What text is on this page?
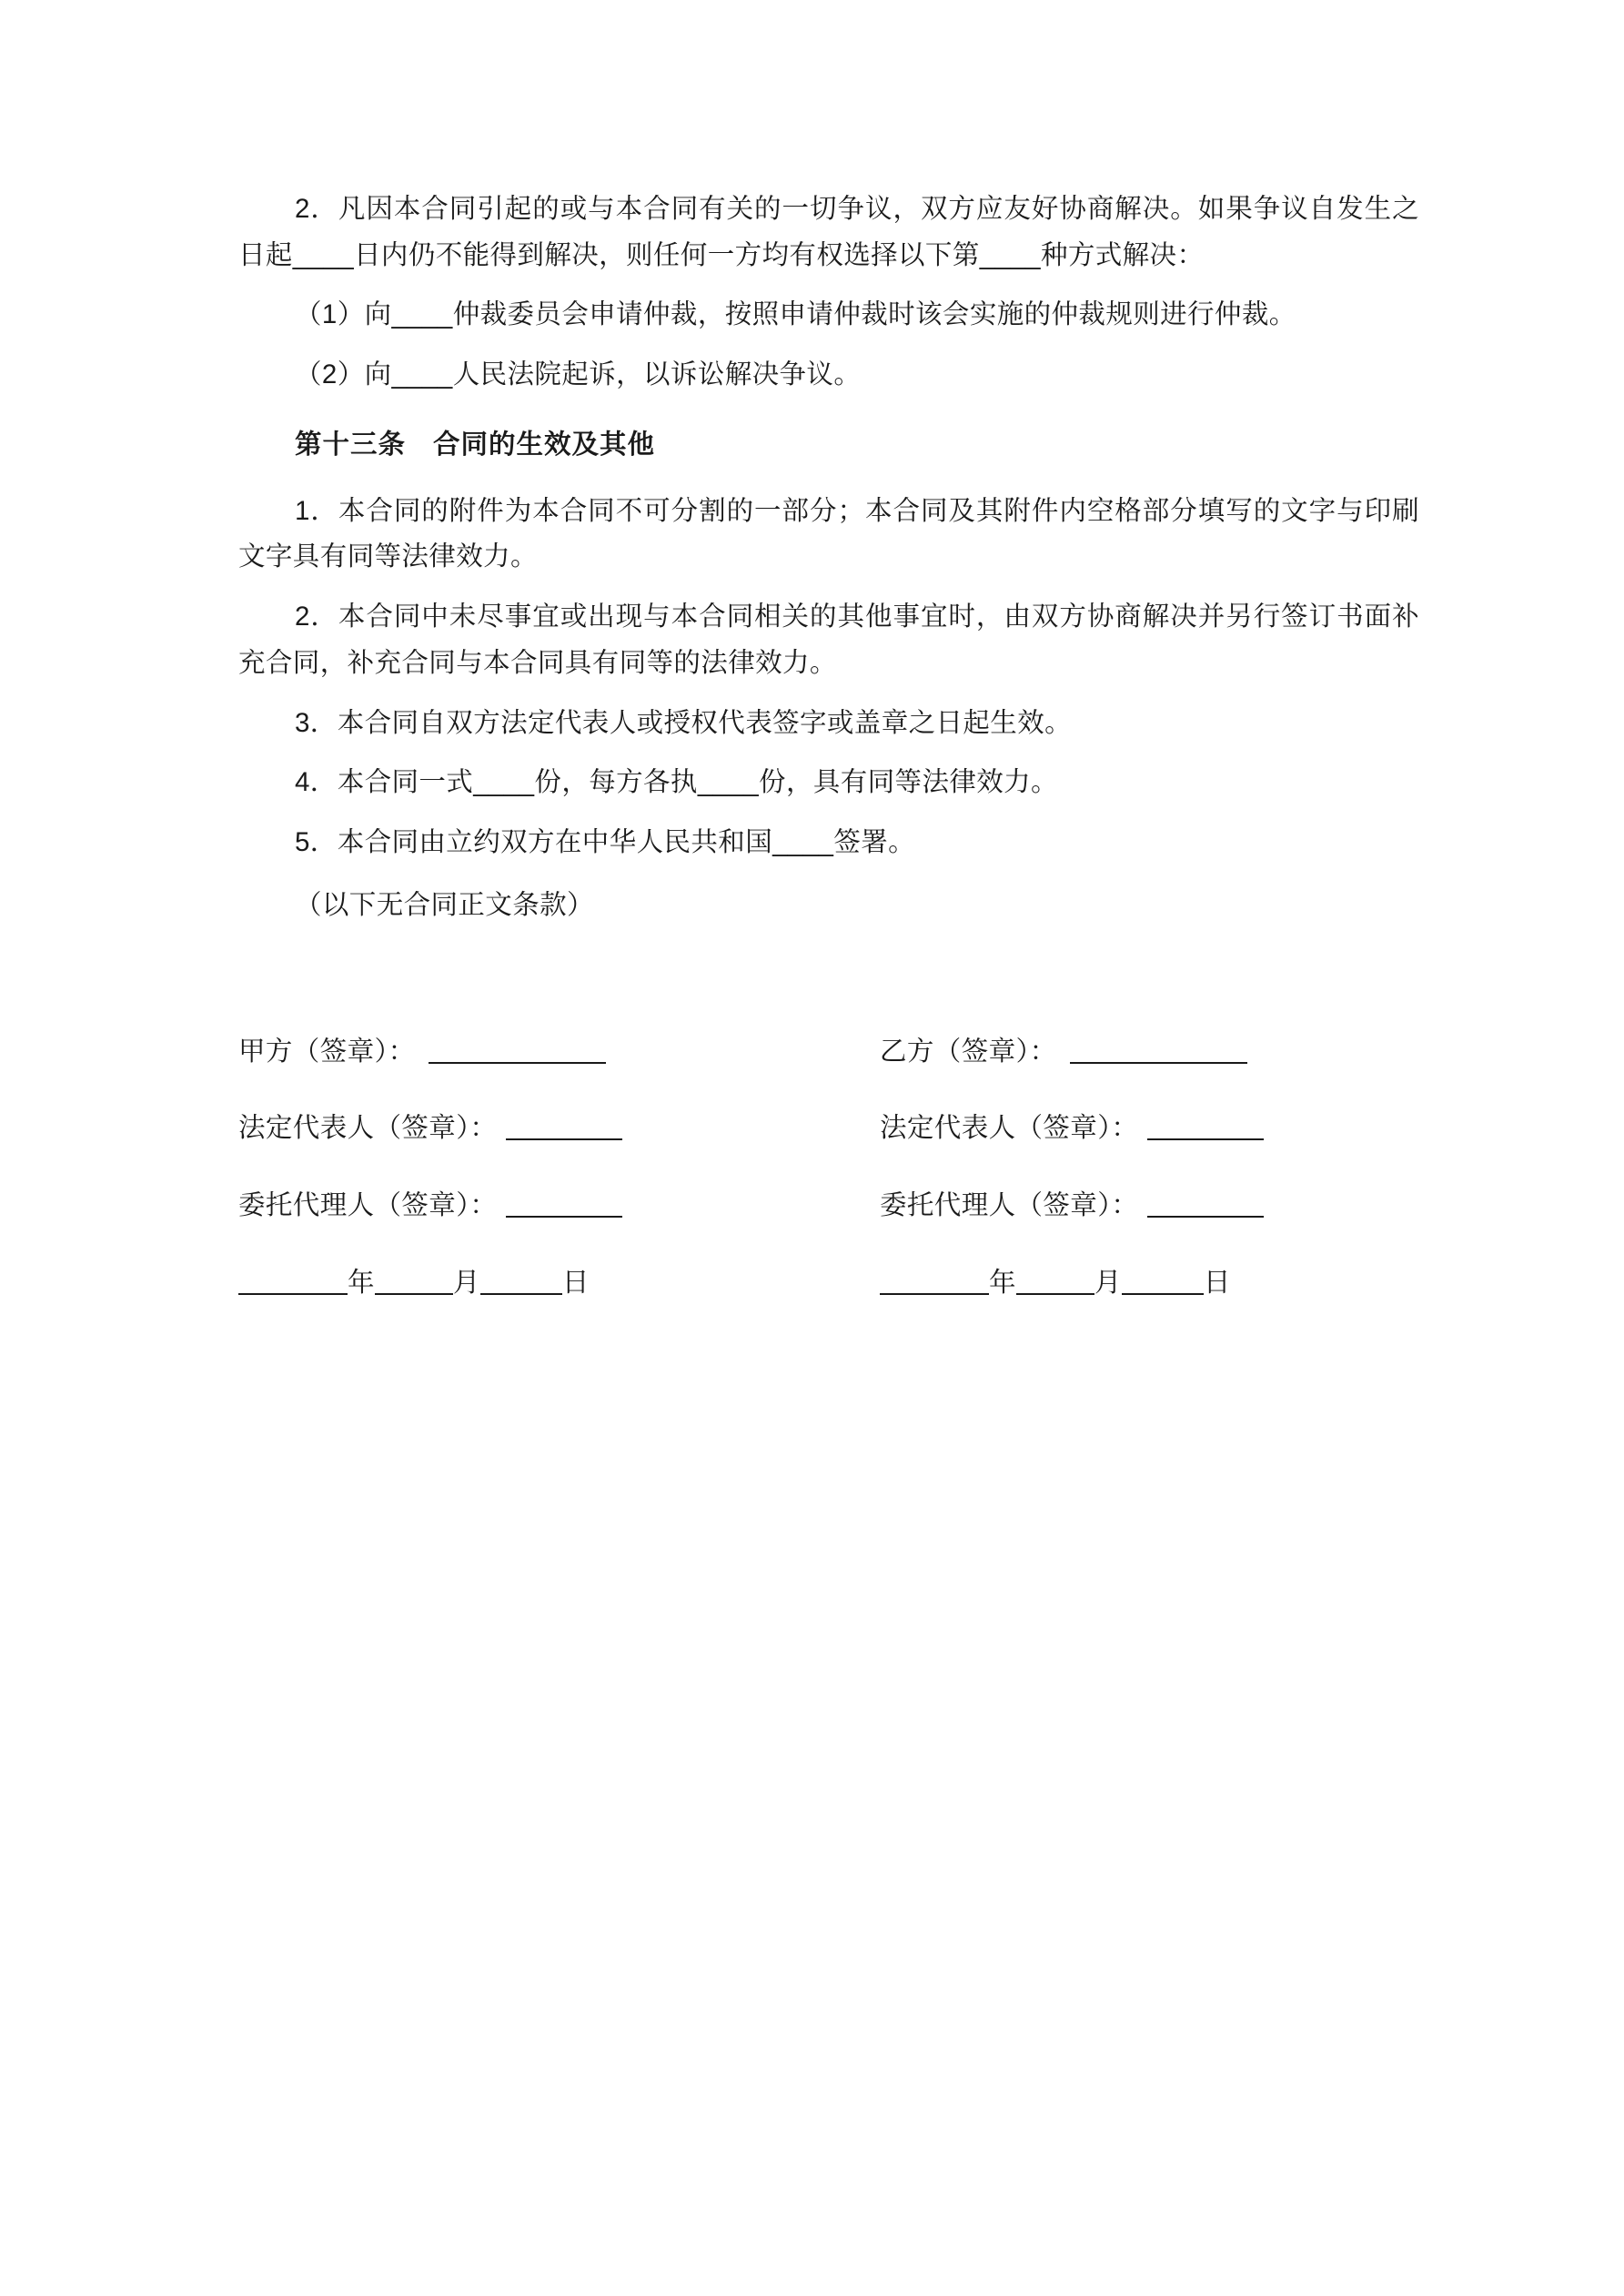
2．凡因本合同引起的或与本合同有关的一切争议，双方应友好协商解决。如果争议自发生之日起____日内仍不能得到解决，则任何一方均有权选择以下第____种方式解决：

（1）向____仲裁委员会申请仲裁，按照申请仲裁时该会实施的仲裁规则进行仲裁。

（2）向____人民法院起诉，以诉讼解决争议。

第十三条 合同的生效及其他

1．本合同的附件为本合同不可分割的一部分；本合同及其附件内空格部分填写的文字与印刷文字具有同等法律效力。

2．本合同中未尽事宜或出现与本合同相关的其他事宜时，由双方协商解决并另行签订书面补充合同，补充合同与本合同具有同等的法律效力。

3．本合同自双方法定代表人或授权代表签字或盖章之日起生效。

4．本合同一式____份，每方各执____份，具有同等法律效力。

5．本合同由立约双方在中华人民共和国____签署。

（以下无合同正文条款）

甲方（签章）：	乙方（签章）：
法定代表人（签章）：	法定代表人（签章）：
委托代理人（签章）：	委托代理人（签章）：
年	月	日	年	月	日
